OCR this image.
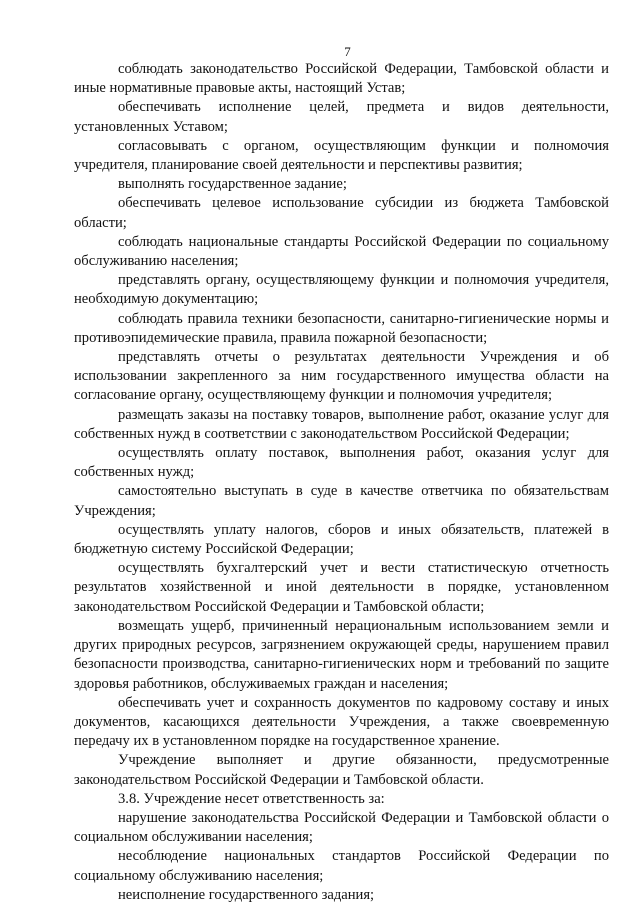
7

соблюдать законодательство Российской Федерации, Тамбовской области и иные нормативные правовые акты, настоящий Устав;

обеспечивать исполнение целей, предмета и видов деятельности, установленных Уставом;

согласовывать с органом, осуществляющим функции и полномочия учредителя, планирование своей деятельности и перспективы развития;

выполнять государственное задание;

обеспечивать целевое использование субсидии из бюджета Тамбовской области;

соблюдать национальные стандарты Российской Федерации по социальному обслуживанию населения;

представлять органу, осуществляющему функции и полномочия учредителя, необходимую документацию;

соблюдать правила техники безопасности, санитарно-гигиенические нормы и противоэпидемические правила, правила пожарной безопасности;

представлять отчеты о результатах деятельности Учреждения и об использовании закрепленного за ним государственного имущества области на согласование органу, осуществляющему функции и полномочия учредителя;

размещать заказы на поставку товаров, выполнение работ, оказание услуг для собственных нужд в соответствии с законодательством Российской Федерации;

осуществлять оплату поставок, выполнения работ, оказания услуг для собственных нужд;

самостоятельно выступать в суде в качестве ответчика по обязательствам Учреждения;

осуществлять уплату налогов, сборов и иных обязательств, платежей в бюджетную систему Российской Федерации;

осуществлять бухгалтерский учет и вести статистическую отчетность результатов хозяйственной и иной деятельности в порядке, установленном законодательством Российской Федерации и Тамбовской области;

возмещать ущерб, причиненный нерациональным использованием земли и других природных ресурсов, загрязнением окружающей среды, нарушением правил безопасности производства, санитарно-гигиенических норм и требований по защите здоровья работников, обслуживаемых граждан и населения;

обеспечивать учет и сохранность документов по кадровому составу и иных документов, касающихся деятельности Учреждения, а также своевременную передачу их в установленном порядке на государственное хранение.

Учреждение выполняет и другие обязанности, предусмотренные законодательством Российской Федерации и Тамбовской области.

3.8. Учреждение несет ответственность за:

нарушение законодательства Российской Федерации и Тамбовской области о социальном обслуживании населения;

несоблюдение национальных стандартов Российской Федерации по социальному обслуживанию населения;

неисполнение государственного задания;
